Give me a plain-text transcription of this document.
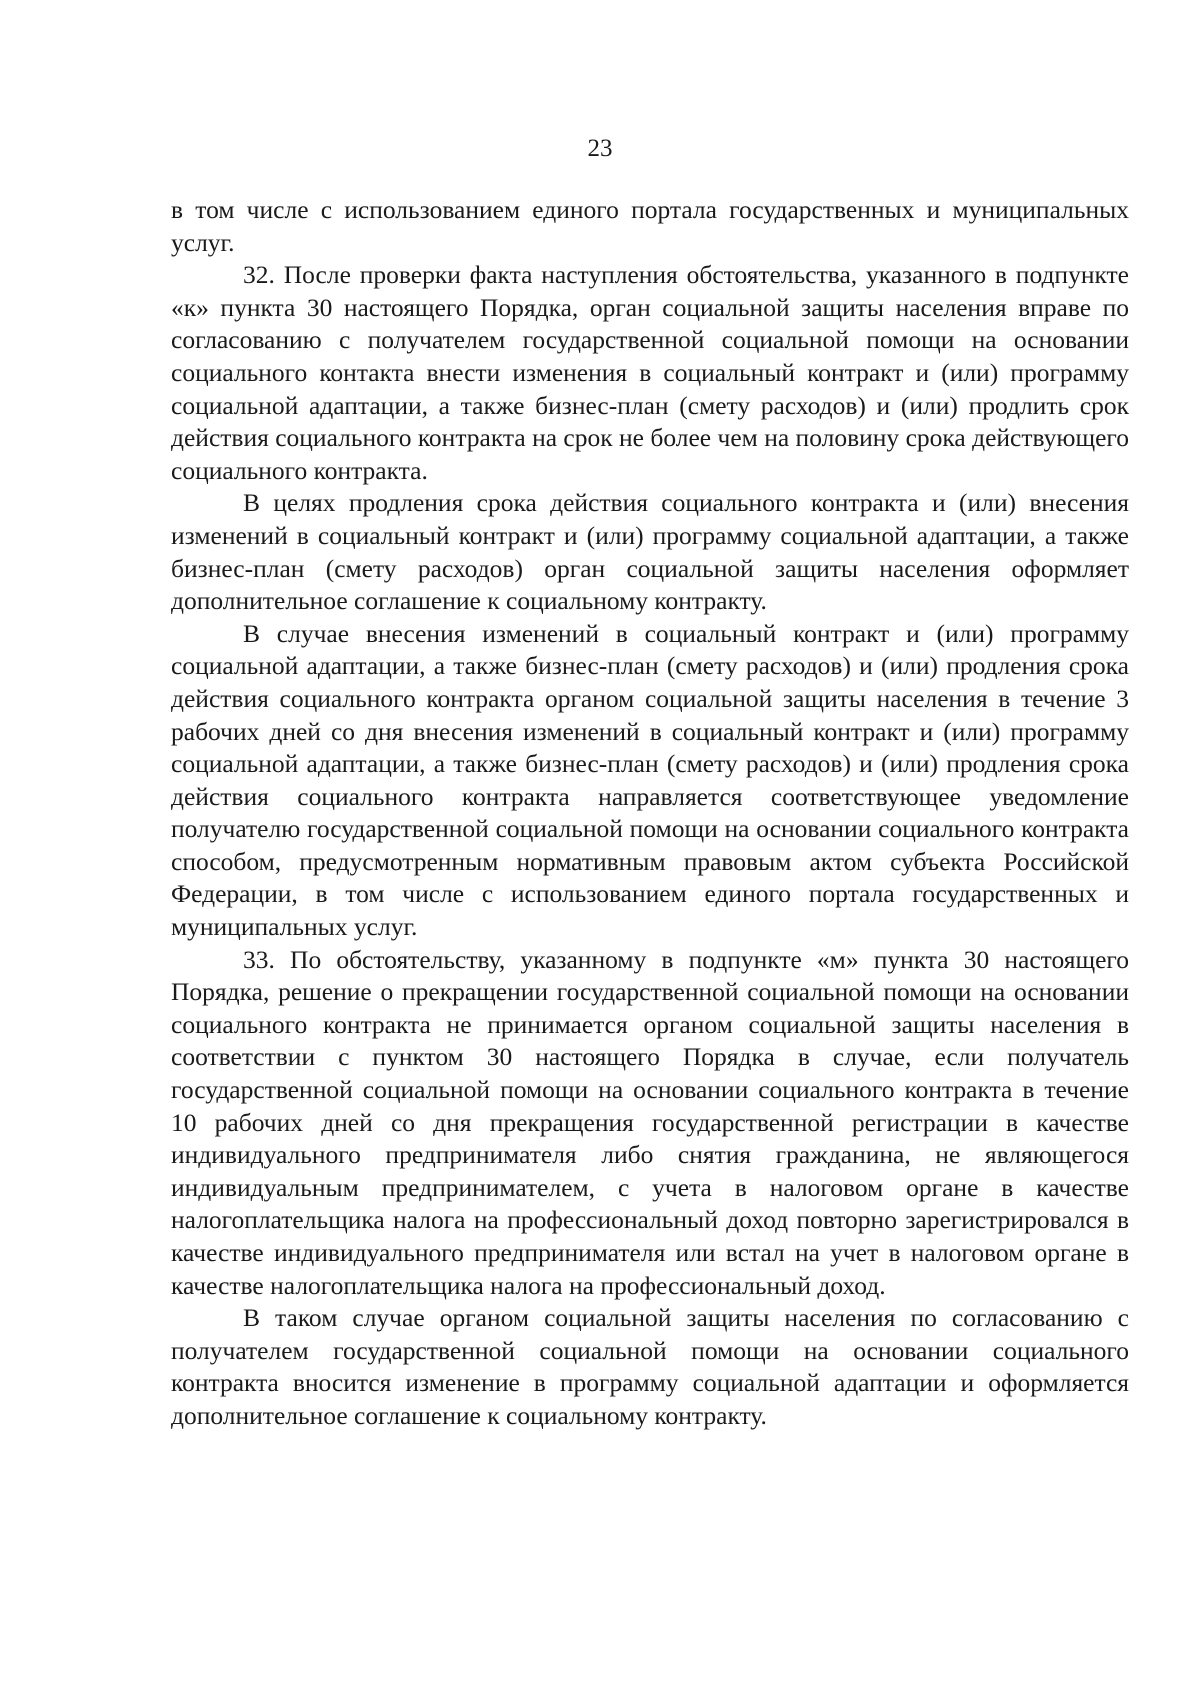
23

в том числе с использованием единого портала государственных и муниципальных услуг.

32. После проверки факта наступления обстоятельства, указанного в подпункте «к» пункта 30 настоящего Порядка, орган социальной защиты населения вправе по согласованию с получателем государственной социальной помощи на основании социального контакта внести изменения в социальный контракт и (или) программу социальной адаптации, а также бизнес-план (смету расходов) и (или) продлить срок действия социального контракта на срок не более чем на половину срока действующего социального контракта.

В целях продления срока действия социального контракта и (или) внесения изменений в социальный контракт и (или) программу социальной адаптации, а также бизнес-план (смету расходов) орган социальной защиты населения оформляет дополнительное соглашение к социальному контракту.

В случае внесения изменений в социальный контракт и (или) программу социальной адаптации, а также бизнес-план (смету расходов) и (или) продления срока действия социального контракта органом социальной защиты населения в течение 3 рабочих дней со дня внесения изменений в социальный контракт и (или) программу социальной адаптации, а также бизнес-план (смету расходов) и (или) продления срока действия социального контракта направляется соответствующее уведомление получателю государственной социальной помощи на основании социального контракта способом, предусмотренным нормативным правовым актом субъекта Российской Федерации, в том числе с использованием единого портала государственных и муниципальных услуг.

33. По обстоятельству, указанному в подпункте «м» пункта 30 настоящего Порядка, решение о прекращении государственной социальной помощи на основании социального контракта не принимается органом социальной защиты населения в соответствии с пунктом 30 настоящего Порядка в случае, если получатель государственной социальной помощи на основании социального контракта в течение 10 рабочих дней со дня прекращения государственной регистрации в качестве индивидуального предпринимателя либо снятия гражданина, не являющегося индивидуальным предпринимателем, с учета в налоговом органе в качестве налогоплательщика налога на профессиональный доход повторно зарегистрировался в качестве индивидуального предпринимателя или встал на учет в налоговом органе в качестве налогоплательщика налога на профессиональный доход.

В таком случае органом социальной защиты населения по согласованию с получателем государственной социальной помощи на основании социального контракта вносится изменение в программу социальной адаптации и оформляется дополнительное соглашение к социальному контракту.
